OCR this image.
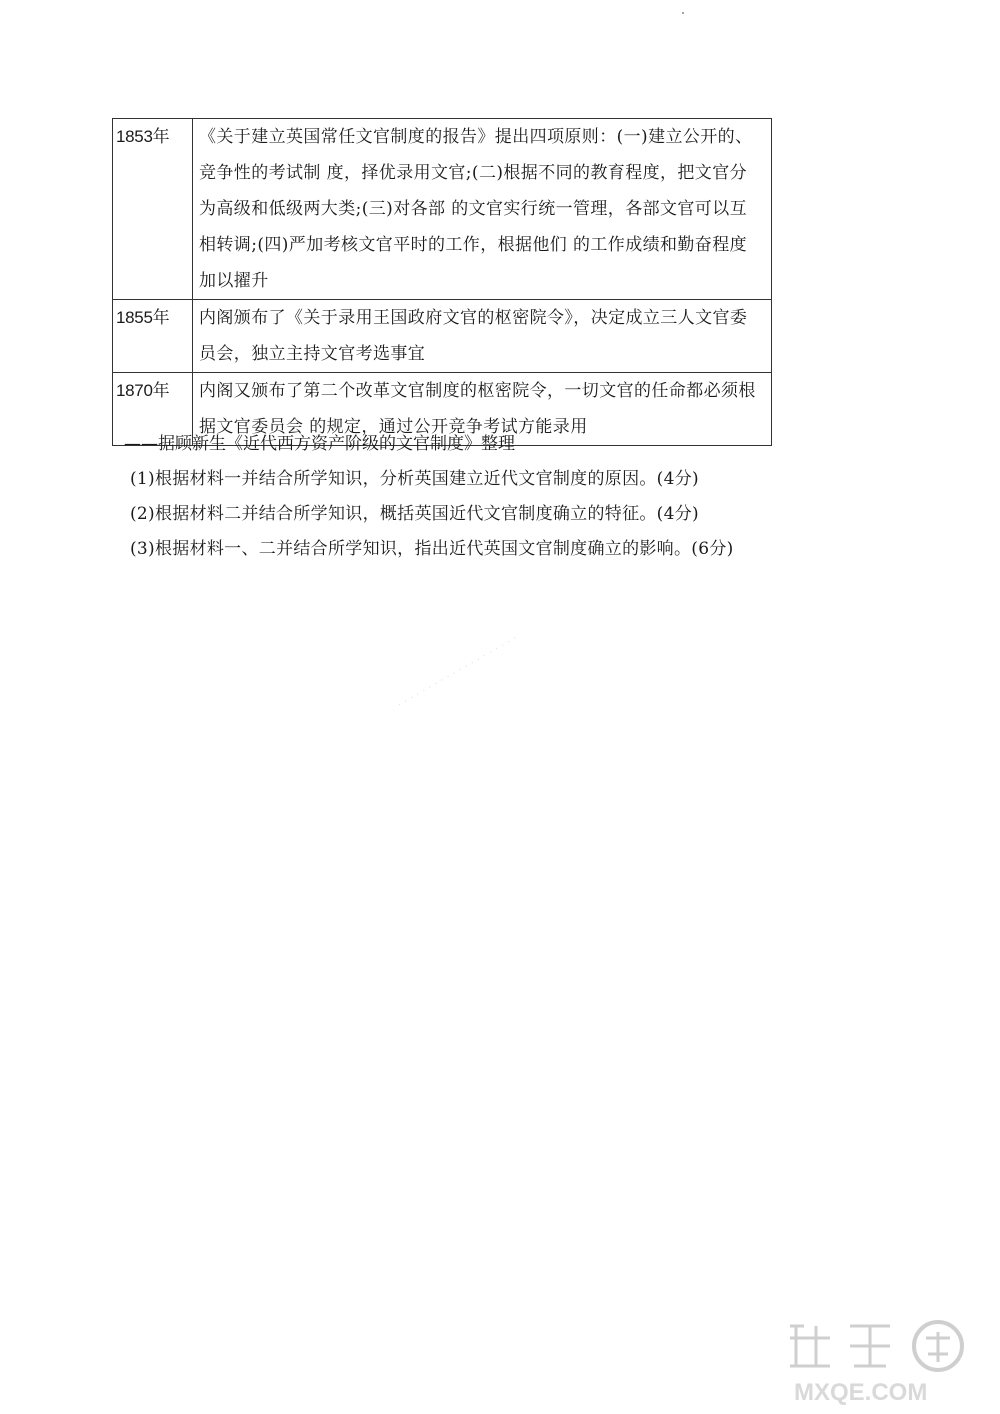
1853年	《关于建立英国常任文官制度的报告》提出四项原则：(一)建立公开的、
竞争性的考试制 度，择优录用文官;(二)根据不同的教育程度，把文官分
为高级和低级两大类;(三)对各部 的文官实行统一管理，各部文官可以互
相转调;(四)严加考核文官平时的工作，根据他们 的工作成绩和勤奋程度
加以擢升

1855年	内阁颁布了《关于录用王国政府文官的枢密院令》，决定成立三人文官委
员会，独立主持文官考选事宜

1870年	内阁又颁布了第二个改革文官制度的枢密院令，一切文官的任命都必须根
据文官委员会 的规定，通过公开竞争考试方能录用
——据顾新生《近代西方资产阶级的文官制度》整理
(1)根据材料一并结合所学知识，分析英国建立近代文官制度的原因。(4分)
(2)根据材料二并结合所学知识，概括英国近代文官制度确立的特征。(4分)
(3)根据材料一、二并结合所学知识，指出近代英国文官制度确立的影响。(6分)
· · · · · · · · · · · · · · · · · · · ·
MXQE.COM
